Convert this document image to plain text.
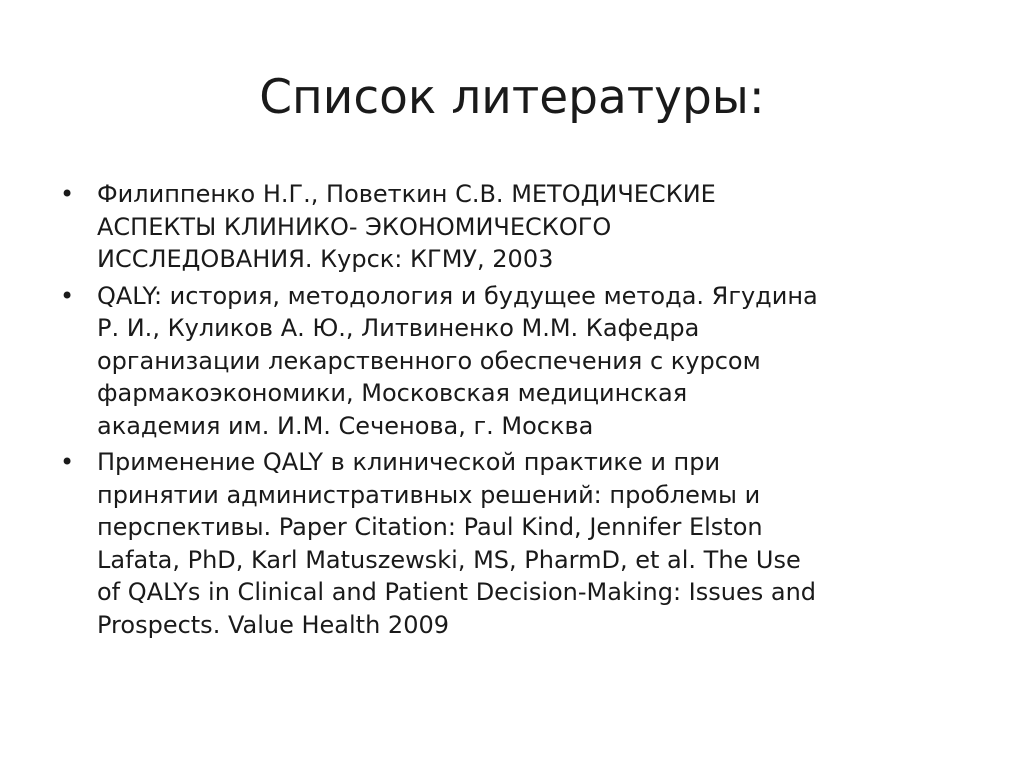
Список литературы:
• Филиппенко Н.Г., Поветкин С.В. МЕТОДИЧЕСКИЕ
АСПЕКТЫ КЛИНИКО- ЭКОНОМИЧЕСКОГО
ИССЛЕДОВАНИЯ. Курск: КГМУ, 2003
• QALY: история, методология и будущее метода. Ягудина
Р. И., Куликов А. Ю., Литвиненко М.М. Кафедра
организации лекарственного обеспечения с курсом
фармакоэкономики, Московская медицинская
академия им. И.М. Сеченова, г. Москва
• Применение QALY в клинической практике и при
принятии административных решений: проблемы и
перспективы. Paper Citation: Paul Kind, Jennifer Elston
Lafata, PhD, Karl Matuszewski, MS, PharmD, et al. The Use
of QALYs in Clinical and Patient Decision-Making: Issues and
Prospects. Value Health 2009
